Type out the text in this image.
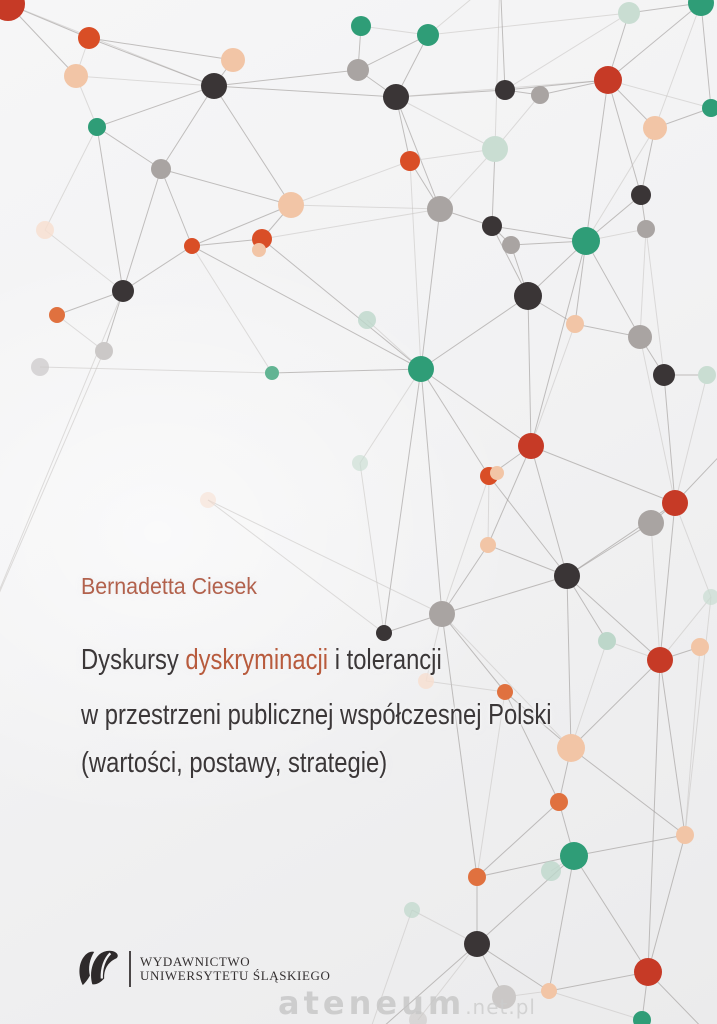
ateneum .net.pl
Bernadetta Ciesek
Dyskursy dyskryminacji i tolerancji
w przestrzeni publicznej współczesnej Polski
(wartości, postawy, strategie)
WYDAWNICTWO
UNIWERSYTETU ŚLĄSKIEGO
